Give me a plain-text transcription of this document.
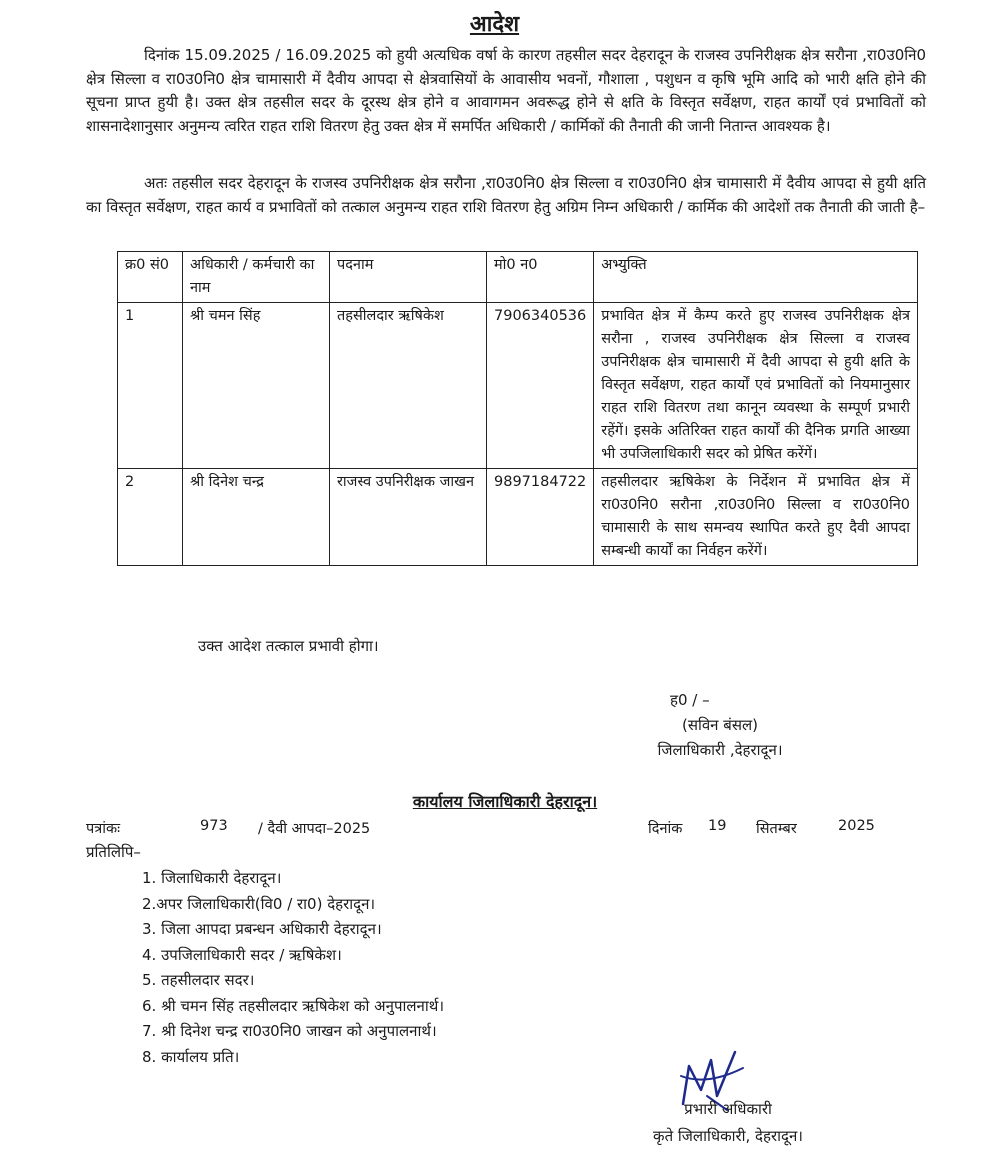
आदेश
दिनांक 15.09.2025 / 16.09.2025 को हुयी अत्यधिक वर्षा के कारण तहसील सदर देहरादून के राजस्व उपनिरीक्षक क्षेत्र सरौना ,रा0उ0नि0 क्षेत्र सिल्ला व रा0उ0नि0 क्षेत्र चामासारी में दैवीय आपदा से क्षेत्रवासियों के आवासीय भवनों, गौशाला , पशुधन व कृषि भूमि आदि को भारी क्षति होने की सूचना प्राप्त हुयी है। उक्त क्षेत्र तहसील सदर के दूरस्थ क्षेत्र होने व आवागमन अवरूद्ध होने से क्षति के विस्तृत सर्वेक्षण, राहत कार्यों एवं प्रभावितों को शासनादेशानुसार अनुमन्य त्वरित राहत राशि वितरण हेतु उक्त क्षेत्र में समर्पित अधिकारी / कार्मिकों की तैनाती की जानी नितान्त आवश्यक है।
अतः तहसील सदर देहरादून के राजस्व उपनिरीक्षक क्षेत्र सरौना ,रा0उ0नि0 क्षेत्र सिल्ला व रा0उ0नि0 क्षेत्र चामासारी में दैवीय आपदा से हुयी क्षति का विस्तृत सर्वेक्षण, राहत कार्य व प्रभावितों को तत्काल अनुमन्य राहत राशि वितरण हेतु अग्रिम निम्न अधिकारी / कार्मिक की आदेशों तक तैनाती की जाती है–
क्र0 सं0	अधिकारी / कर्मचारी का नाम	पदनाम	मो0 न0	अभ्युक्ति
1	श्री चमन सिंह	तहसीलदार ऋषिकेश	7906340536	प्रभावित क्षेत्र में कैम्प करते हुए राजस्व उपनिरीक्षक क्षेत्र सरौना , राजस्व उपनिरीक्षक क्षेत्र सिल्ला व राजस्व उपनिरीक्षक क्षेत्र चामासारी में दैवी आपदा से हुयी क्षति के विस्तृत सर्वेक्षण, राहत कार्यों एवं प्रभावितों को नियमानुसार राहत राशि वितरण तथा कानून व्यवस्था के सम्पूर्ण प्रभारी रहेंगें। इसके अतिरिक्त राहत कार्यों की दैनिक प्रगति आख्या भी उपजिलाधिकारी सदर को प्रेषित करेंगें।
2	श्री दिनेश चन्द्र	राजस्व उपनिरीक्षक जाखन	9897184722	तहसीलदार ऋषिकेश के निर्देशन में प्रभावित क्षेत्र में रा0उ0नि0 सरौना ,रा0उ0नि0 सिल्ला व रा0उ0नि0 चामासारी के साथ समन्वय स्थापित करते हुए दैवी आपदा सम्बन्धी कार्यों का निर्वहन करेंगें।
उक्त आदेश तत्काल प्रभावी होगा।
ह0 / –
(सविन बंसल)
जिलाधिकारी ,देहरादून।
कार्यालय जिलाधिकारी देहरादून।
पत्रांकः	973 / दैवी आपदा–2025	दिनांक 19 सितम्बर	2025
प्रतिलिपि–
1. जिलाधिकारी देहरादून।
2.अपर जिलाधिकारी(वि0 / रा0) देहरादून।
3. जिला आपदा प्रबन्धन अधिकारी देहरादून।
4. उपजिलाधिकारी सदर / ऋषिकेश।
5. तहसीलदार सदर।
6. श्री चमन सिंह तहसीलदार ऋषिकेश को अनुपालनार्थ।
7. श्री दिनेश चन्द्र रा0उ0नि0 जाखन को अनुपालनार्थ।
8. कार्यालय प्रति।
प्रभारी अधिकारी
कृते जिलाधिकारी, देहरादून।
